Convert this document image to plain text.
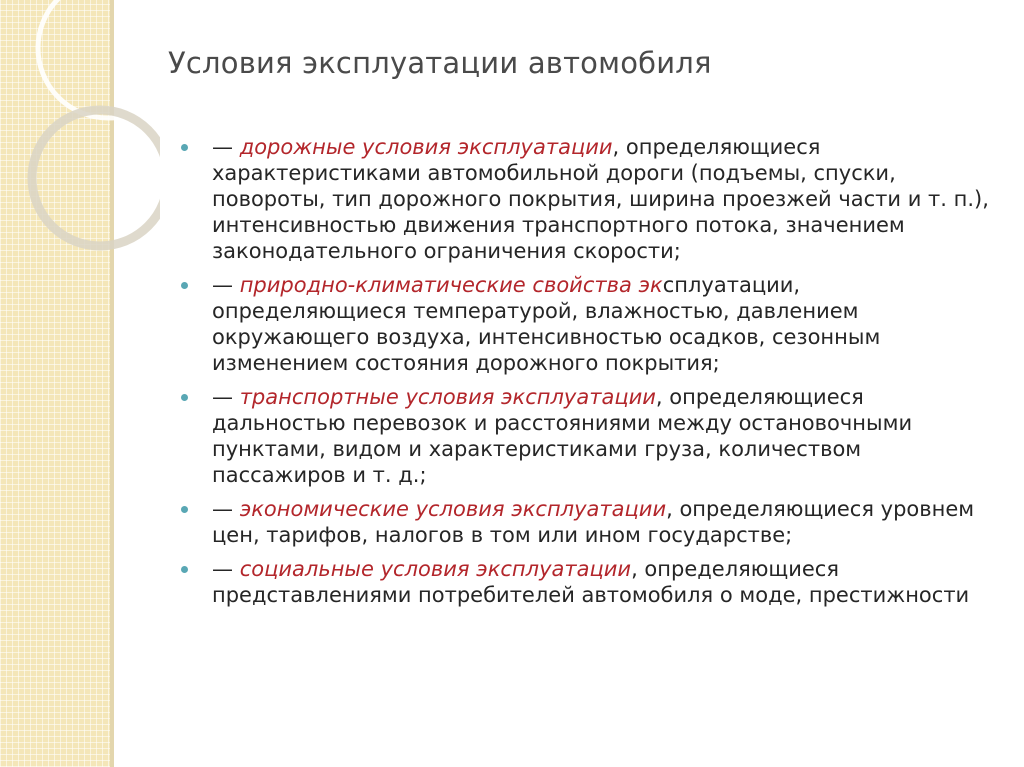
Условия эксплуатации автомобиля
— дорожные условия эксплуатации, определяющиеся характеристиками автомобильной дороги (подъемы, спуски, повороты, тип дорожного покрытия, ширина проезжей части и т. п.), интенсивностью движения транспортного потока, значением законодательного ограничения скорости;
— природно-климатические свойства эксплуатации, определяющиеся температурой, влажностью, давлением окружающего воздуха, интенсивностью осадков, сезонным изменением состояния дорожного покрытия;
— транспортные условия эксплуатации, определяющиеся дальностью перевозок и расстояниями между остановочными пунктами, видом и характеристиками груза, количеством пассажиров и т. д.;
— экономические условия эксплуатации, определяющиеся уровнем цен, тарифов, налогов в том или ином государстве;
— социальные условия эксплуатации, определяющиеся представлениями потребителей автомобиля о моде, престижности
